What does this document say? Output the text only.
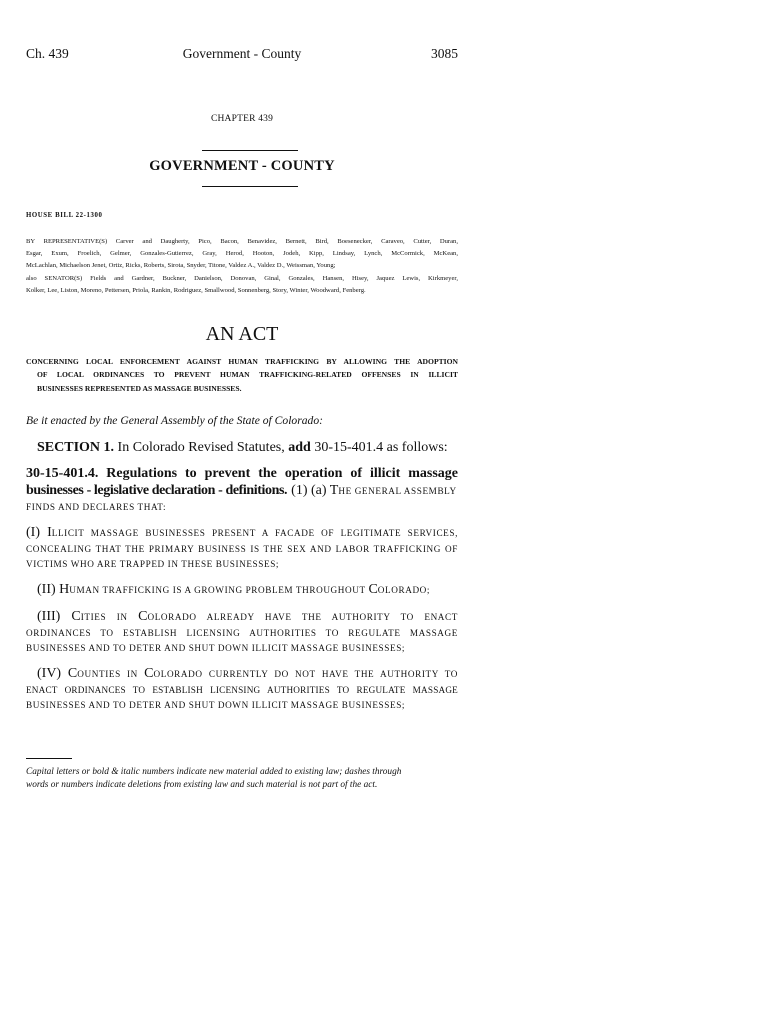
Ch. 439	Government - County	3085
CHAPTER 439
GOVERNMENT - COUNTY
HOUSE BILL 22-1300
BY REPRESENTATIVE(S) Carver and Daugherty, Pico, Bacon, Benavidez, Bernett, Bird, Boesenecker, Caraveo, Cutter, Duran,
Esgar, Exum, Froelich, Gelmer, Gonzales-Gutierrez, Gray, Herod, Hooton, Jodeh, Kipp, Lindsay, Lynch, McCormick, McKean,
McLachlan, Michaelson Jenet, Ortiz, Ricks, Roberts, Sirota, Snyder, Titone, Valdez A., Valdez D., Weissman, Young;
also SENATOR(S) Fields and Gardner, Buckner, Danielson, Donovan, Ginal, Gonzales, Hansen, Hisey, Jaquez Lewis, Kirkmeyer,
Kolker, Lee, Liston, Moreno, Pettersen, Priola, Rankin, Rodriguez, Smallwood, Sonnenberg, Story, Winter, Woodward, Fenberg.
AN ACT
CONCERNING LOCAL ENFORCEMENT AGAINST HUMAN TRAFFICKING BY ALLOWING THE ADOPTION
OF LOCAL ORDINANCES TO PREVENT HUMAN TRAFFICKING-RELATED OFFENSES IN ILLICIT
BUSINESSES REPRESENTED AS MASSAGE BUSINESSES.
Be it enacted by the General Assembly of the State of Colorado:
SECTION 1. In Colorado Revised Statutes, add 30-15-401.4 as follows:
30-15-401.4. Regulations to prevent the operation of illicit massage
businesses - legislative declaration - definitions. (1) (a) THE GENERAL ASSEMBLY
FINDS AND DECLARES THAT:
(I) ILLICIT MASSAGE BUSINESSES PRESENT A FACADE OF LEGITIMATE SERVICES,
CONCEALING THAT THE PRIMARY BUSINESS IS THE SEX AND LABOR TRAFFICKING OF
VICTIMS WHO ARE TRAPPED IN THESE BUSINESSES;
(II) HUMAN TRAFFICKING IS A GROWING PROBLEM THROUGHOUT COLORADO;
(III) CITIES IN COLORADO ALREADY HAVE THE AUTHORITY TO ENACT
ORDINANCES TO ESTABLISH LICENSING AUTHORITIES TO REGULATE MASSAGE
BUSINESSES AND TO DETER AND SHUT DOWN ILLICIT MASSAGE BUSINESSES;
(IV) COUNTIES IN COLORADO CURRENTLY DO NOT HAVE THE AUTHORITY TO
ENACT ORDINANCES TO ESTABLISH LICENSING AUTHORITIES TO REGULATE MASSAGE
BUSINESSES AND TO DETER AND SHUT DOWN ILLICIT MASSAGE BUSINESSES;
Capital letters or bold & italic numbers indicate new material added to existing law; dashes through
words or numbers indicate deletions from existing law and such material is not part of the act.
